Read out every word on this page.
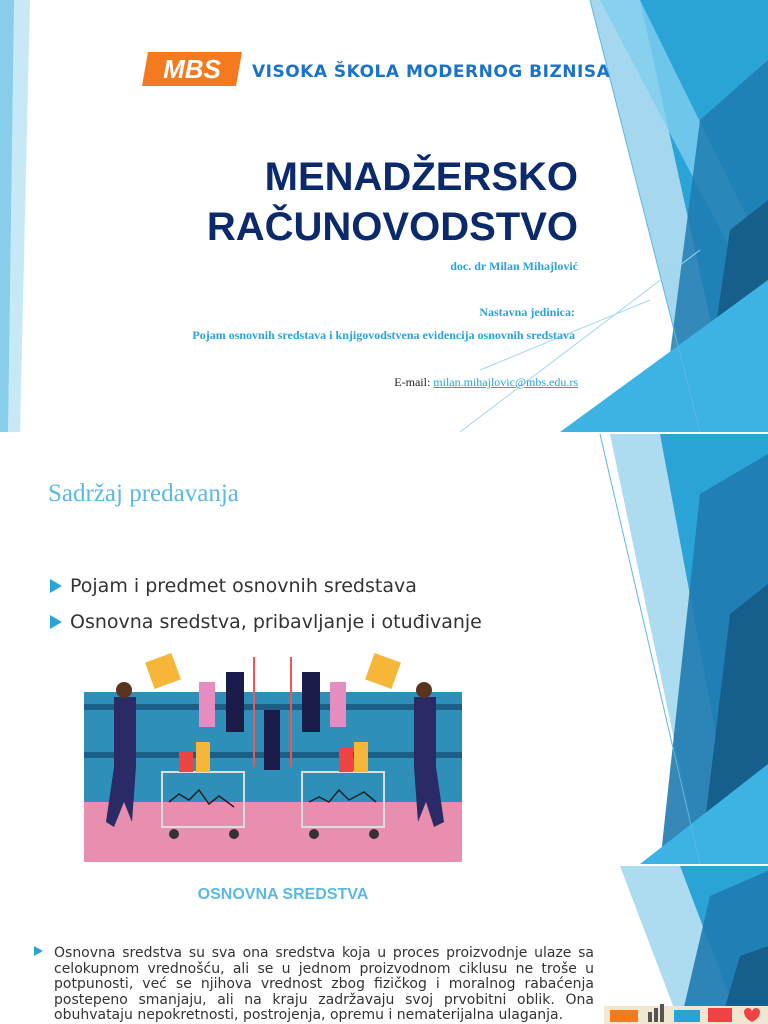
MBS VISOKA ŠKOLA MODERNOG BIZNISA
MENADŽERSKO
RAČUNOVODSTVO
doc. dr Milan Mihajlović
Nastavna jedinica:
Pojam osnovnih sredstava i knjigovodstvena evidencija osnovnih sredstava
E-mail: milan.mihajlovic@mbs.edu.rs
Sadržaj predavanja
Pojam i predmet osnovnih sredstava
Osnovna sredstva, pribavljanje i otuđivanje
OSNOVNA SREDSTVA
Osnovna sredstva su sva ona sredstva koja u proces proizvodnje ulaze sa celokupnom vrednošću, ali se u jednom proizvodnom ciklusu ne troše u potpunosti, već se njihova vrednost zbog fizičkog i moralnog rabaćenja postepeno smanjaju, ali na kraju zadržavaju svoj prvobitni oblik. Ona obuhvataju nepokretnosti, postrojenja, opremu i nematerijalna ulaganja.
